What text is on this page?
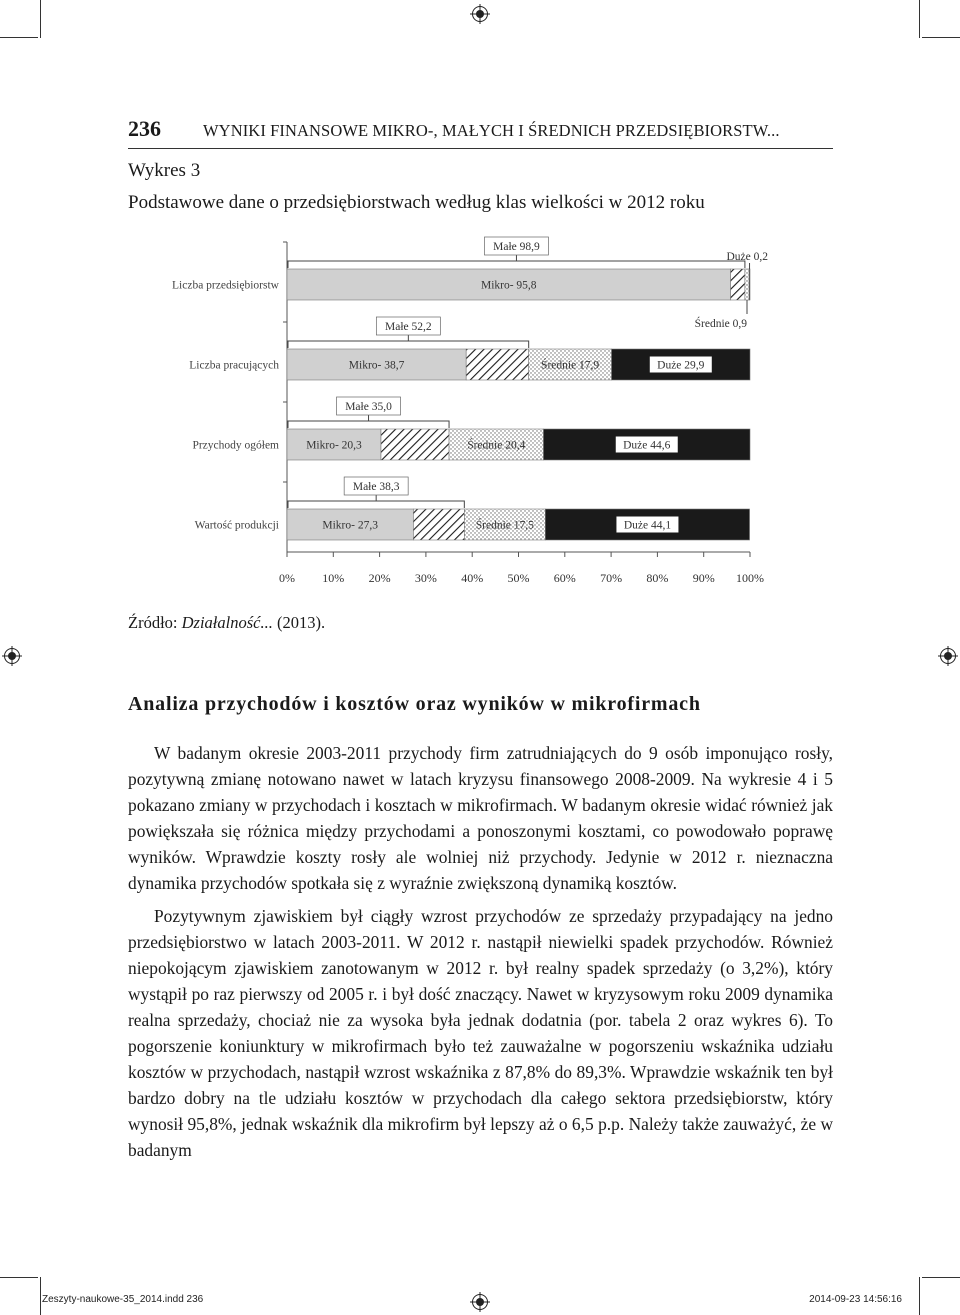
236	WYNIKI FINANSOWE MIKRO-, MAŁYCH I ŚREDNICH PRZEDSIĘBIORSTW...
Wykres 3
Podstawowe dane o przedsiębiorstwach według klas wielkości w 2012 roku
0% 10% 20% 30% 40% 50% 60% 70% 80% 90% 100%
Liczba przedsiębiorstw
Małe 98,9
Mikro- 95,8
Duże 0,2
Liczba pracujących
Małe 52,2
Mikro- 38,7	Średnie 17,9	Duże 29,9
Przychody ogółem
Małe 35,0
Mikro- 20,3	Średnie 20,4	Duże 44,6
Wartość produkcji
Małe 38,3
Mikro- 27,3	Średnie 17,5	Duże 44,1
Średnie 0,9
Źródło: Działalność... (2013).
Analiza przychodów i kosztów oraz wyników w mikrofirmach

W badanym okresie 2003-2011 przychody firm zatrudniających do 9 osób imponująco rosły, pozytywną zmianę notowano nawet w latach kryzysu finansowego 2008-2009. Na wykresie 4 i 5 pokazano zmiany w przychodach i kosztach w mikrofirmach. W badanym okresie widać również jak powiększała się różnica między przychodami a ponoszonymi kosztami, co powodowało poprawę wyników. Wprawdzie koszty rosły ale wolniej niż przychody. Jedynie w 2012 r. nieznaczna dynamika przychodów spotkała się z wyraźnie zwiększoną dynamiką kosztów.

Pozytywnym zjawiskiem był ciągły wzrost przychodów ze sprzedaży przypadający na jedno przedsiębiorstwo w latach 2003-2011. W 2012 r. nastąpił niewielki spadek przychodów. Również niepokojącym zjawiskiem zanotowanym w 2012 r. był realny spadek sprzedaży (o 3,2%), który wystąpił po raz pierwszy od 2005 r. i był dość znaczący. Nawet w kryzysowym roku 2009 dynamika realna sprzedaży, chociaż nie za wysoka była jednak dodatnia (por. tabela 2 oraz wykres 6). To pogorszenie koniunktury w mikrofirmach było też zauważalne w pogorszeniu wskaźnika udziału kosztów w przychodach, nastąpił wzrost wskaźnika z 87,8% do 89,3%. Wprawdzie wskaźnik ten był bardzo dobry na tle udziału kosztów w przychodach dla całego sektora przedsiębiorstw, który wynosił 95,8%, jednak wskaźnik dla mikrofirm był lepszy aż o 6,5 p.p. Należy także zauważyć, że w badanym

Zeszyty-naukowe-35_2014.indd 236	2014-09-23 14:56:16
